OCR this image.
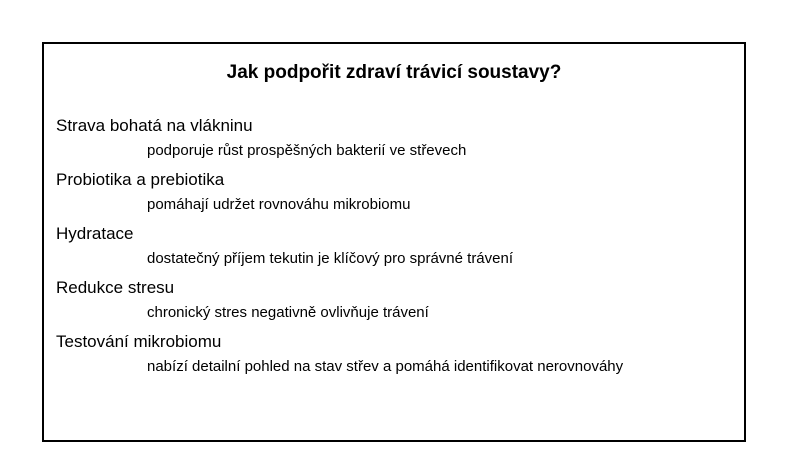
Jak podpořit zdraví trávicí soustavy?
Strava bohatá na vlákninu
podporuje růst prospěšných bakterií ve střevech
Probiotika a prebiotika
pomáhají udržet rovnováhu mikrobiomu
Hydratace
dostatečný příjem tekutin je klíčový pro správné trávení
Redukce stresu
chronický stres negativně ovlivňuje trávení
Testování mikrobiomu
nabízí detailní pohled na stav střev a pomáhá identifikovat nerovnováhy
